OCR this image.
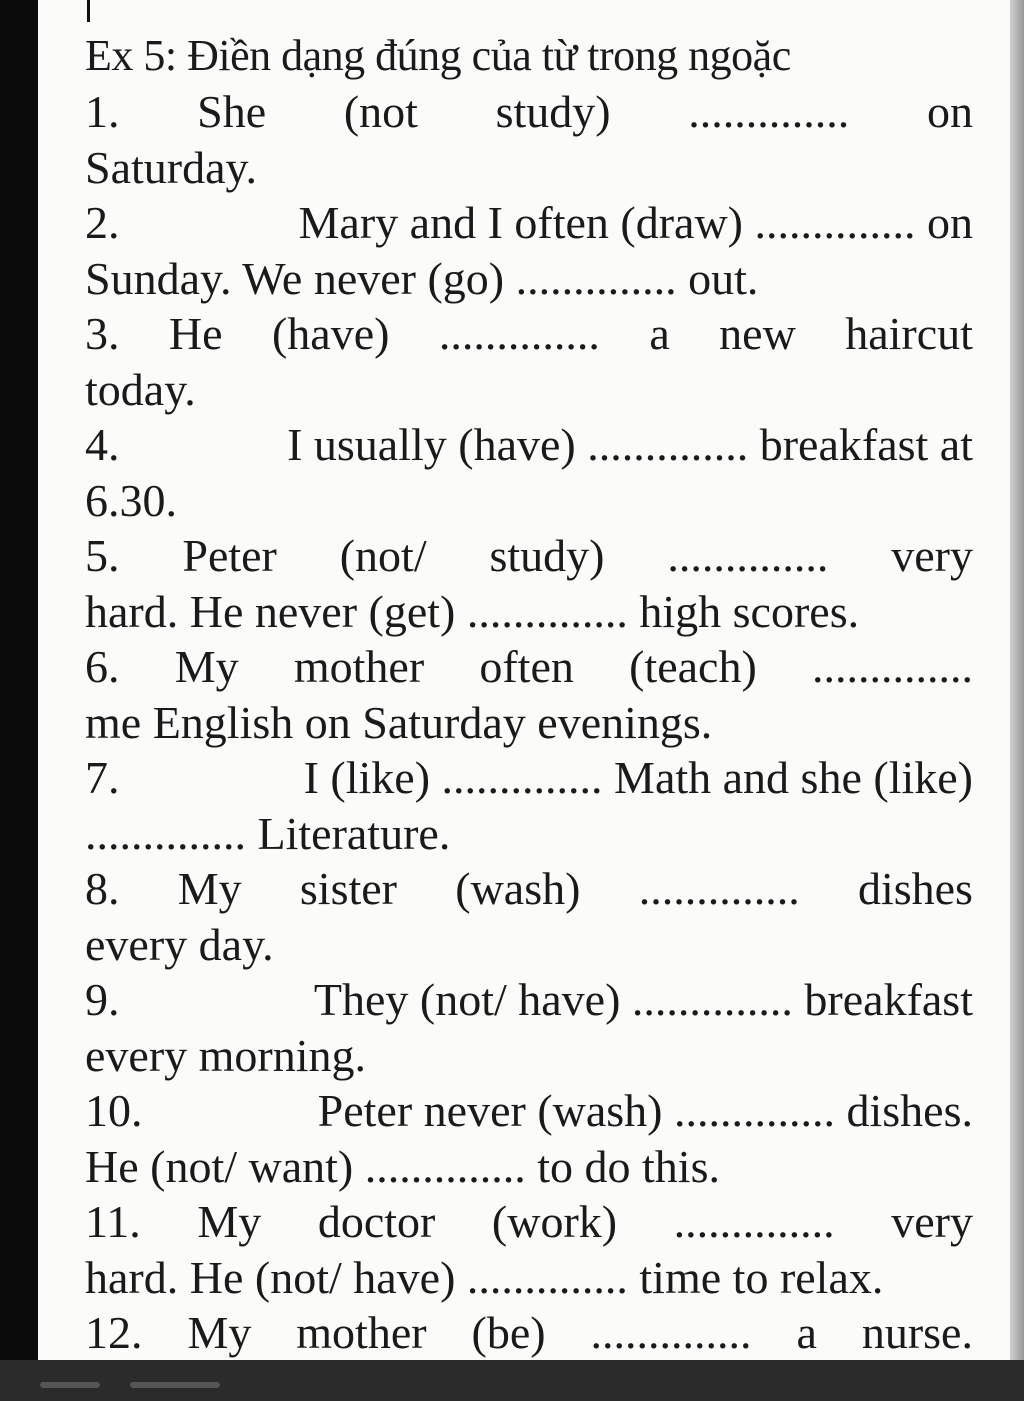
Ex 5: Điền dạng đúng của từ trong ngoặc
1. She (not study) .............. on
Saturday.
2.	Mary and I often (draw) .............. on
Sunday. We never (go) .............. out.
3. He (have) .............. a new haircut
today.
4.	I usually (have) .............. breakfast at
6.30.
5. Peter (not/ study) .............. very
hard. He never (get) .............. high scores.
6. My mother often (teach) ..............
me English on Saturday evenings.
7.	I (like) .............. Math and she (like)
.............. Literature.
8. My sister (wash) .............. dishes
every day.
9.	They (not/ have) .............. breakfast
every morning.
10.	Peter never (wash) .............. dishes.
He (not/ want) .............. to do this.
11. My doctor (work) .............. very
hard. He (not/ have) .............. time to relax.
12. My mother (be) .............. a nurse.
